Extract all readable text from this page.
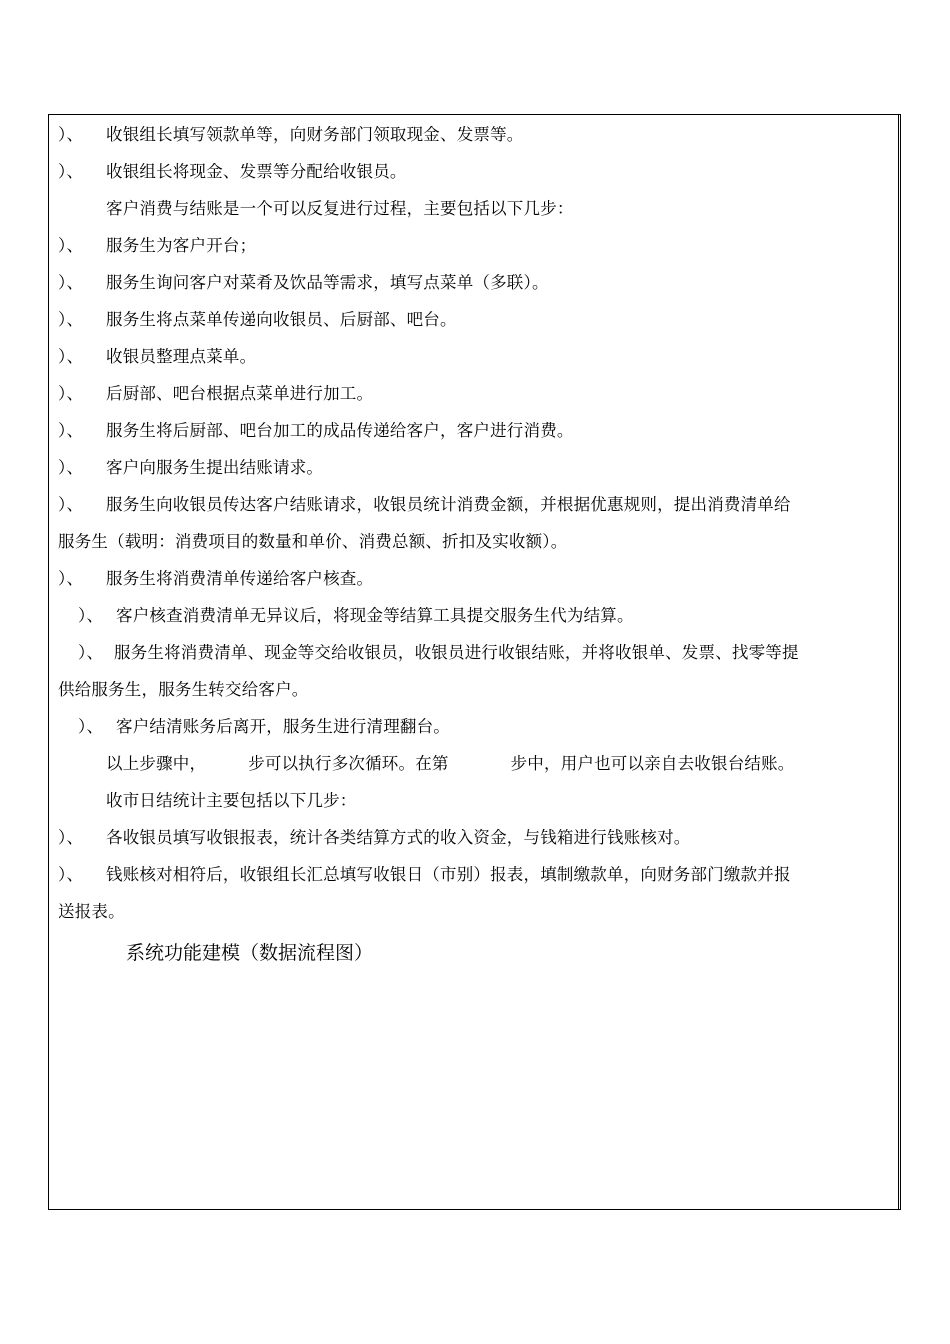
）、 收银组长填写领款单等，向财务部门领取现金、发票等。
）、 收银组长将现金、发票等分配给收银员。
客户消费与结账是一个可以反复进行过程，主要包括以下几步：
）、 服务生为客户开台；
）、 服务生询问客户对菜肴及饮品等需求，填写点菜单（多联）。
）、 服务生将点菜单传递向收银员、后厨部、吧台。
）、 收银员整理点菜单。
）、 后厨部、吧台根据点菜单进行加工。
）、 服务生将后厨部、吧台加工的成品传递给客户，客户进行消费。
）、 客户向服务生提出结账请求。
）、 服务生向收银员传达客户结账请求，收银员统计消费金额，并根据优惠规则，提出消费清单给
服务生（载明：消费项目的数量和单价、消费总额、折扣及实收额）。
）、 服务生将消费清单传递给客户核查。
）、 客户核查消费清单无异议后，将现金等结算工具提交服务生代为结算。
）、 服务生将消费清单、现金等交给收银员，收银员进行收银结账，并将收银单、发票、找零等提
供给服务生，服务生转交给客户。
）、 客户结清账务后离开，服务生进行清理翻台。
以上步骤中，	步可以执行多次循环。在第	步中，用户也可以亲自去收银台结账。
收市日结统计主要包括以下几步：
）、 各收银员填写收银报表，统计各类结算方式的收入资金，与钱箱进行钱账核对。
）、 钱账核对相符后，收银组长汇总填写收银日（市别）报表，填制缴款单，向财务部门缴款并报
送报表。
系统功能建模（数据流程图）
